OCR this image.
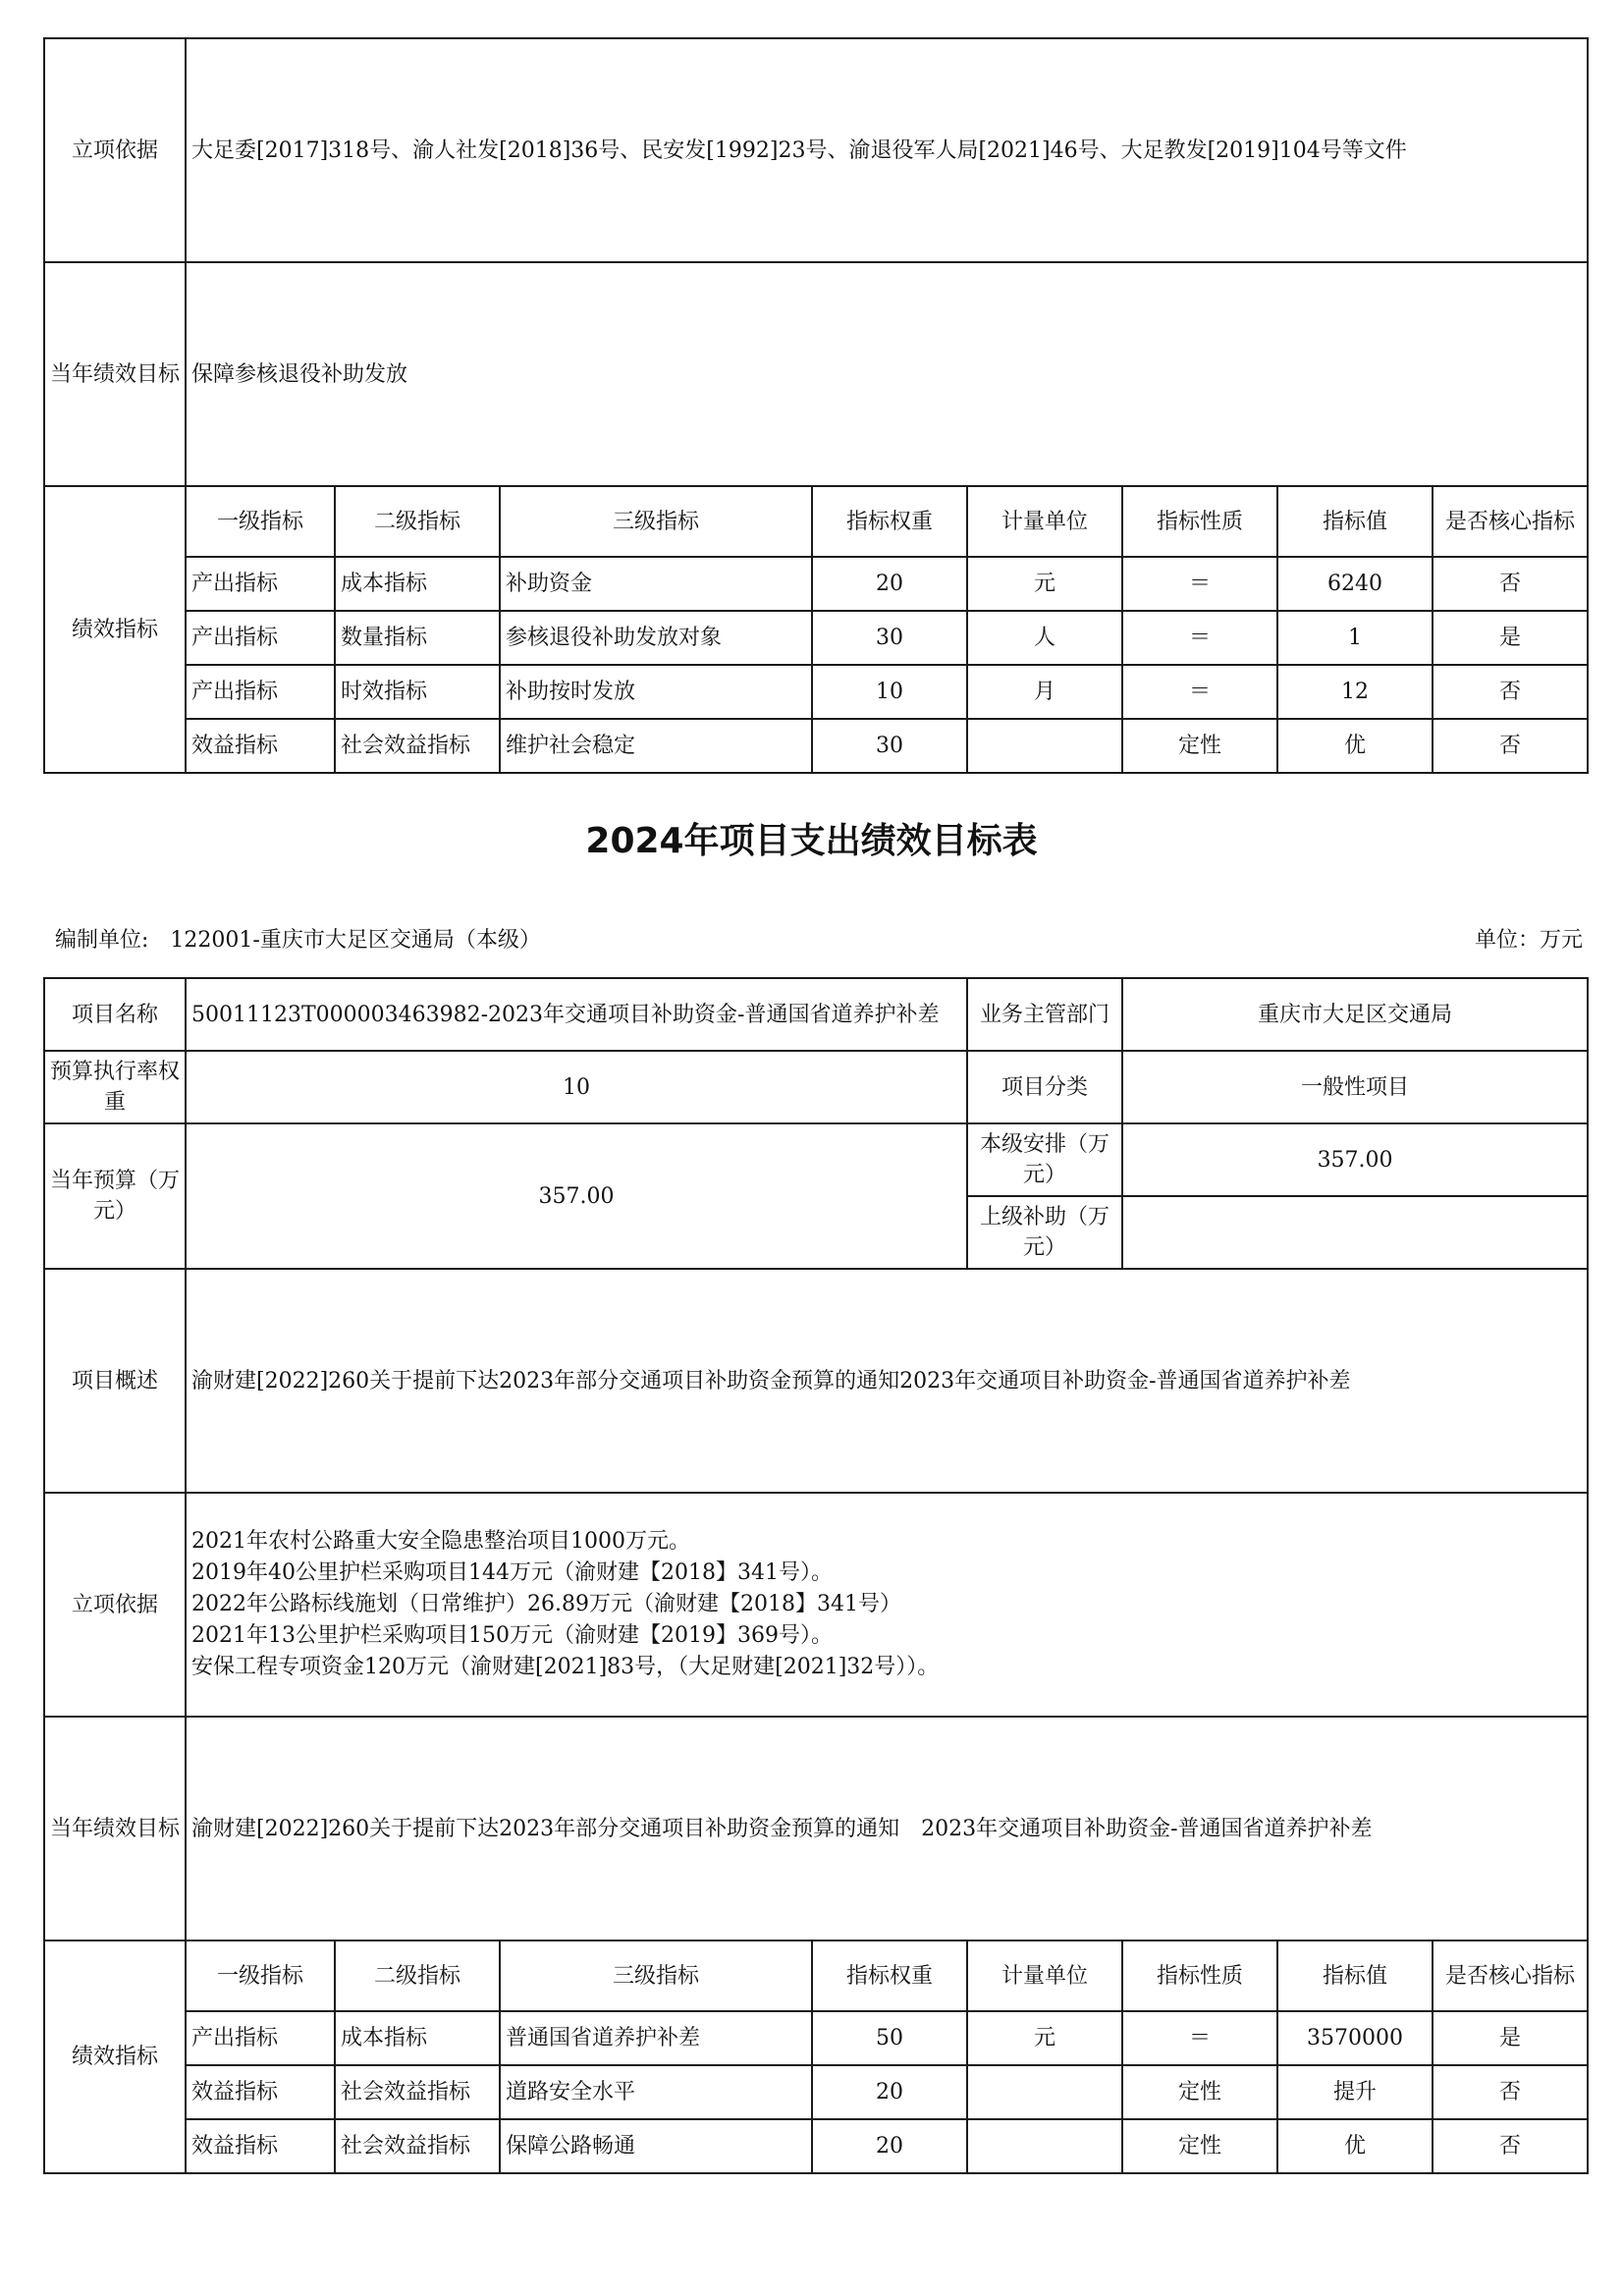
立项依据	大足委[2017]318号、渝人社发[2018]36号、民安发[1992]23号、渝退役军人局[2021]46号、大足教发[2019]104号等文件							
当年绩效目标	保障参核退役补助发放							
绩效指标	一级指标	二级指标	三级指标	指标权重	计量单位	指标性质	指标值	是否核心指标
	产出指标	成本指标	补助资金	20	元	＝	6240	否
	产出指标	数量指标	参核退役补助发放对象	30	人	＝	1	是
	产出指标	时效指标	补助按时发放	10	月	＝	12	否
	效益指标	社会效益指标	维护社会稳定	30		定性	优	否
2024年项目支出绩效目标表
编制单位:　122001-重庆市大足区交通局（本级）	单位：万元
项目名称	50011123T000003463982-2023年交通项目补助资金-普通国省道养护补差				业务主管部门	重庆市大足区交通局		
预算执行率权重	10				项目分类	一般性项目		
当年预算（万元）	357.00				本级安排（万元）	357.00		
					上级补助（万元）			
项目概述	渝财建[2022]260关于提前下达2023年部分交通项目补助资金预算的通知2023年交通项目补助资金-普通国省道养护补差							
立项依据	2021年农村公路重大安全隐患整治项目1000万元。
2019年40公里护栏采购项目144万元（渝财建【2018】341号）。
2022年公路标线施划（日常维护）26.89万元（渝财建【2018】341号）
2021年13公里护栏采购项目150万元（渝财建【2019】369号）。
安保工程专项资金120万元（渝财建[2021]83号，（大足财建[2021]32号））。							

当年绩效目标	渝财建[2022]260关于提前下达2023年部分交通项目补助资金预算的通知　2023年交通项目补助资金-普通国省道养护补差							
绩效指标	一级指标	二级指标	三级指标	指标权重	计量单位	指标性质	指标值	是否核心指标
	产出指标	成本指标	普通国省道养护补差	50	元	＝	3570000	是
	效益指标	社会效益指标	道路安全水平	20		定性	提升	否
	效益指标	社会效益指标	保障公路畅通	20		定性	优	否
